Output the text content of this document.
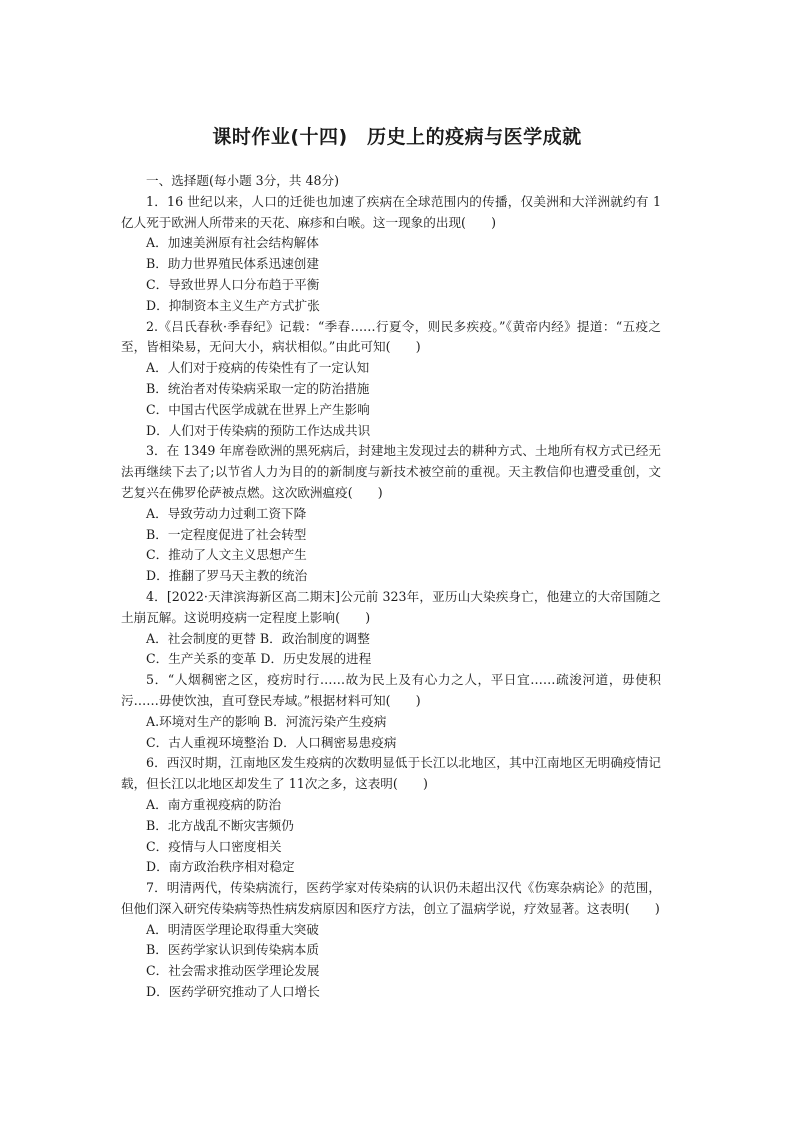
课时作业(十四)　历史上的疫病与医学成就
一、选择题(每小题 3分，共 48分)
1．16 世纪以来，人口的迁徙也加速了疾病在全球范围内的传播，仅美洲和大洋洲就约有 1 亿人死于欧洲人所带来的天花、麻疹和白喉。这一现象的出现(　　)
A．加速美洲原有社会结构解体
B．助力世界殖民体系迅速创建
C．导致世界人口分布趋于平衡
D．抑制资本主义生产方式扩张
2.《吕氏春秋·季春纪》记载：“季春……行夏令，则民多疾疫。”《黄帝内经》提道：“五疫之至，皆相染易，无问大小，病状相似。”由此可知(　　)
A．人们对于疫病的传染性有了一定认知
B．统治者对传染病采取一定的防治措施
C．中国古代医学成就在世界上产生影响
D．人们对于传染病的预防工作达成共识
3．在 1349 年席卷欧洲的黑死病后，封建地主发现过去的耕种方式、土地所有权方式已经无法再继续下去了;以节省人力为目的的新制度与新技术被空前的重视。天主教信仰也遭受重创，文艺复兴在佛罗伦萨被点燃。这次欧洲瘟疫(　　)
A．导致劳动力过剩工资下降
B．一定程度促进了社会转型
C．推动了人文主义思想产生
D．推翻了罗马天主教的统治
4．[2022·天津滨海新区高二期末]公元前 323年，亚历山大染疾身亡，他建立的大帝国随之土崩瓦解。这说明疫病一定程度上影响(　　)
A．社会制度的更替 B．政治制度的调整
C．生产关系的变革 D．历史发展的进程
5．“人烟稠密之区，疫疠时行……故为民上及有心力之人，平日宜……疏浚河道，毋使积污……毋使饮浊，直可登民寿域。”根据材料可知(　　)
A.环境对生产的影响 B．河流污染产生疫病
C．古人重视环境整治 D．人口稠密易患疫病
6．西汉时期，江南地区发生疫病的次数明显低于长江以北地区，其中江南地区无明确疫情记载，但长江以北地区却发生了 11次之多，这表明(　　)
A．南方重视疫病的防治
B．北方战乱不断灾害频仍
C．疫情与人口密度相关
D．南方政治秩序相对稳定
7．明清两代，传染病流行，医药学家对传染病的认识仍未超出汉代《伤寒杂病论》的范围，但他们深入研究传染病等热性病发病原因和医疗方法，创立了温病学说，疗效显著。这表明(　　)
A．明清医学理论取得重大突破
B．医药学家认识到传染病本质
C．社会需求推动医学理论发展
D．医药学研究推动了人口增长
